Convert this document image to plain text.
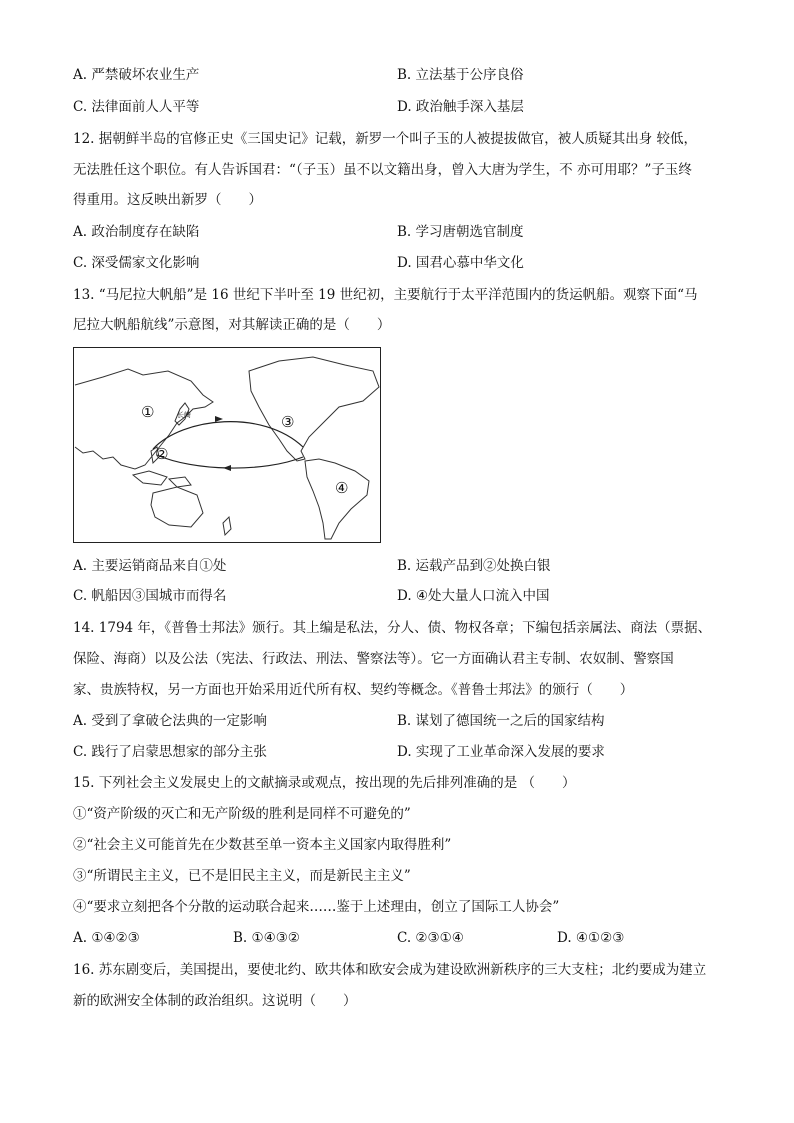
A. 严禁破坏农业生产	B. 立法基于公序良俗
C. 法律面前人人平等	D. 政治触手深入基层
12. 据朝鲜半岛的官修正史《三国史记》记载，新罗一个叫子玉的人被提拔做官，被人质疑其出身 较低，
无法胜任这个职位。有人告诉国君：“（子玉）虽不以文籍出身，曾入大唐为学生，不 亦可用耶？”子玉终
得重用。这反映出新罗（　　）
A. 政治制度存在缺陷	B. 学习唐朝选官制度
C. 深受儒家文化影响	D. 国君心慕中华文化
13. “马尼拉大帆船”是 16 世纪下半叶至 19 世纪初，主要航行于太平洋范围内的货运帆船。观察下面“马
尼拉大帆船航线”示意图，对其解读正确的是（　　）
①
②
③
④
长崎
A. 主要运销商品来自①处	B. 运载产品到②处换白银
C. 帆船因③国城市而得名	D. ④处大量人口流入中国
14. 1794 年，《普鲁士邦法》颁行。其上编是私法，分人、债、物权各章；下编包括亲属法、商法（票据、
保险、海商）以及公法（宪法、行政法、刑法、警察法等）。它一方面确认君主专制、农奴制、警察国
家、贵族特权，另一方面也开始采用近代所有权、契约等概念。《普鲁士邦法》的颁行（　　）
A. 受到了拿破仑法典的一定影响	B. 谋划了德国统一之后的国家结构
C. 践行了启蒙思想家的部分主张	D. 实现了工业革命深入发展的要求
15. 下列社会主义发展史上的文献摘录或观点，按出现的先后排列准确的是 （　　）
①“资产阶级的灭亡和无产阶级的胜利是同样不可避免的”
②“社会主义可能首先在少数甚至单一资本主义国家内取得胜利”
③“所谓民主主义，已不是旧民主主义，而是新民主主义”
④“要求立刻把各个分散的运动联合起来……鉴于上述理由，创立了国际工人协会”
A. ①④②③	B. ①④③②	C. ②③①④	D. ④①②③
16. 苏东剧变后，美国提出，要使北约、欧共体和欧安会成为建设欧洲新秩序的三大支柱；北约要成为建立
新的欧洲安全体制的政治组织。这说明（　　）
